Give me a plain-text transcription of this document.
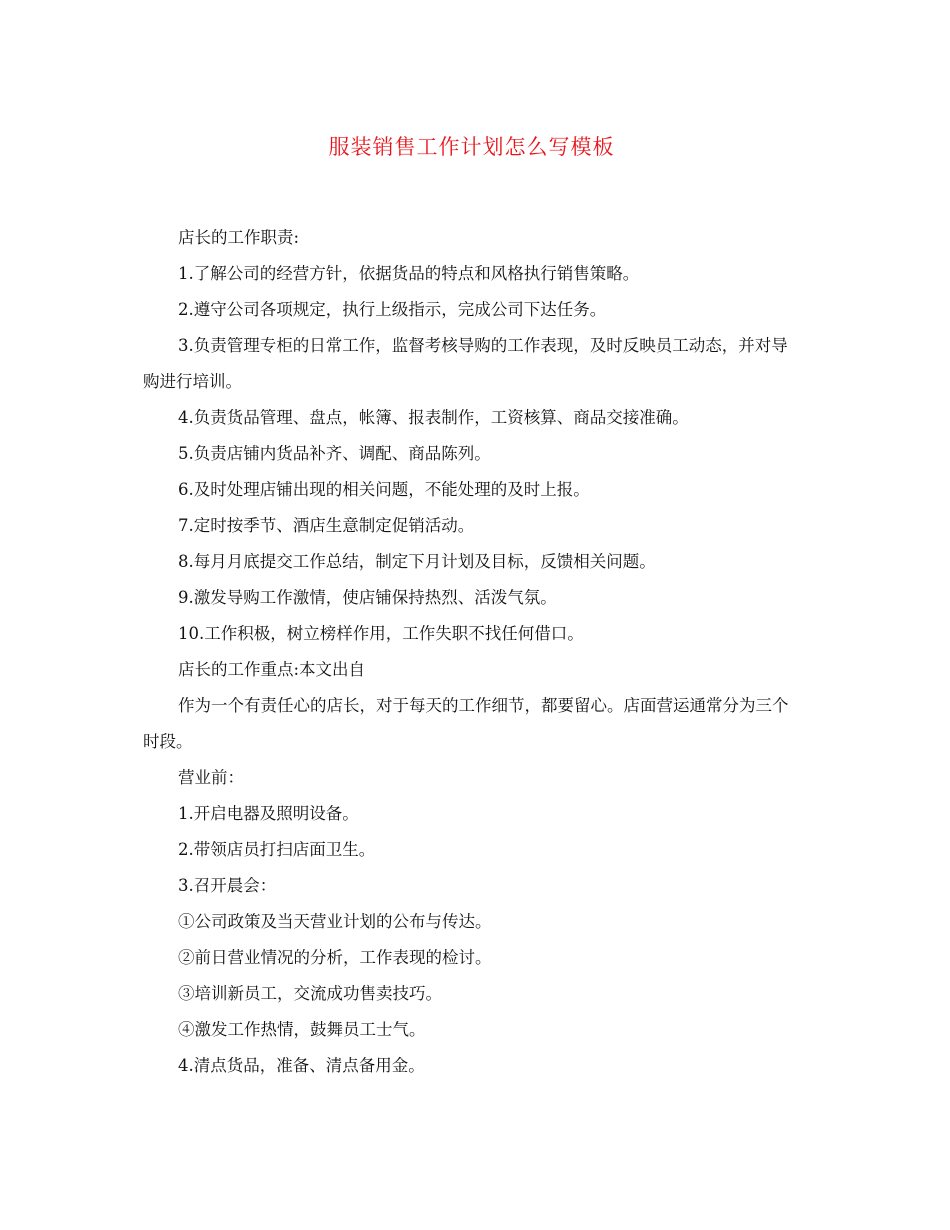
服装销售工作计划怎么写模板

店长的工作职责:

1.了解公司的经营方针，依据货品的特点和风格执行销售策略。

2.遵守公司各项规定，执行上级指示，完成公司下达任务。

3.负责管理专柜的日常工作，监督考核导购的工作表现，及时反映员工动态，并对导购进行培训。

4.负责货品管理、盘点，帐簿、报表制作，工资核算、商品交接准确。

5.负责店铺内货品补齐、调配、商品陈列。

6.及时处理店铺出现的相关问题，不能处理的及时上报。

7.定时按季节、酒店生意制定促销活动。

8.每月月底提交工作总结，制定下月计划及目标，反馈相关问题。

9.激发导购工作激情，使店铺保持热烈、活泼气氛。

10.工作积极，树立榜样作用，工作失职不找任何借口。

店长的工作重点:本文出自

作为一个有责任心的店长，对于每天的工作细节，都要留心。店面营运通常分为三个时段。

营业前：

1.开启电器及照明设备。

2.带领店员打扫店面卫生。

3.召开晨会：

①公司政策及当天营业计划的公布与传达。

②前日营业情况的分析，工作表现的检讨。

③培训新员工，交流成功售卖技巧。

④激发工作热情，鼓舞员工士气。

4.清点货品，准备、清点备用金。
